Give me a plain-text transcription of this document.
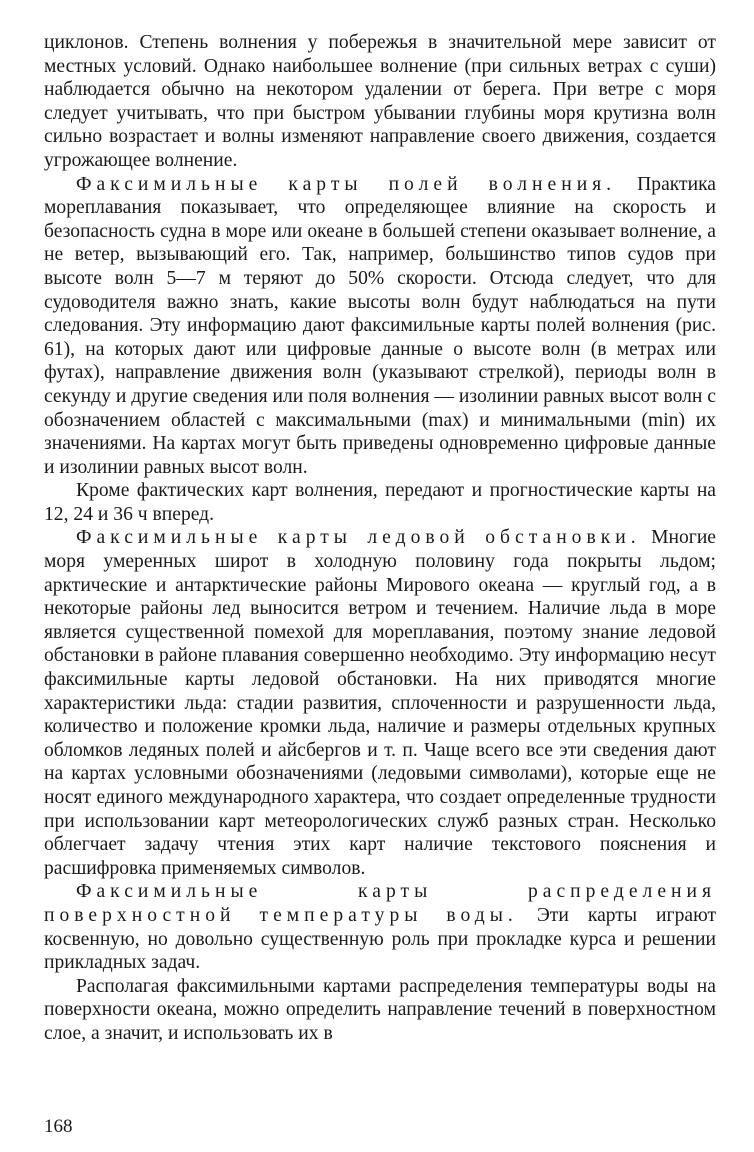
циклонов. Степень волнения у побережья в значительной мере зависит от местных условий. Однако наибольшее волнение (при сильных ветрах с суши) наблюдается обычно на некотором удалении от берега. При ветре с моря следует учитывать, что при быстром убывании глубины моря крутизна волн сильно возрастает и волны изменяют направление своего движения, создается угрожающее волнение.

Факсимильные карты полей волнения. Практика мореплавания показывает, что определяющее влияние на скорость и безопасность судна в море или океане в большей степени оказывает волнение, а не ветер, вызывающий его. Так, например, большинство типов судов при высоте волн 5—7 м теряют до 50% скорости. Отсюда следует, что для судоводителя важно знать, какие высоты волн будут наблюдаться на пути следования. Эту информацию дают факсимильные карты полей волнения (рис. 61), на которых дают или цифровые данные о высоте волн (в метрах или футах), направление движения волн (указывают стрелкой), периоды волн в секунду и другие сведения или поля волнения — изолинии равных высот волн с обозначением областей с максимальными (max) и минимальными (min) их значениями. На картах могут быть приведены одновременно цифровые данные и изолинии равных высот волн.

Кроме фактических карт волнения, передают и прогностические карты на 12, 24 и 36 ч вперед.

Факсимильные карты ледовой обстановки. Многие моря умеренных широт в холодную половину года покрыты льдом; арктические и антарктические районы Мирового океана — круглый год, а в некоторые районы лед выносится ветром и течением. Наличие льда в море является существенной помехой для мореплавания, поэтому знание ледовой обстановки в районе плавания совершенно необходимо. Эту информацию несут факсимильные карты ледовой обстановки. На них приводятся многие характеристики льда: стадии развития, сплоченности и разрушенности льда, количество и положение кромки льда, наличие и размеры отдельных крупных обломков ледяных полей и айсбергов и т. п. Чаще всего все эти сведения дают на картах условными обозначениями (ледовыми символами), которые еще не носят единого международного характера, что создает определенные трудности при использовании карт метеорологических служб разных стран. Несколько облегчает задачу чтения этих карт наличие текстового пояснения и расшифровка применяемых символов.

Факсимильные карты распределения поверхностной температуры воды. Эти карты играют косвенную, но довольно существенную роль при прокладке курса и решении прикладных задач.

Располагая факсимильными картами распределения температуры воды на поверхности океана, можно определить направление течений в поверхностном слое, а значит, и использовать их в

168
